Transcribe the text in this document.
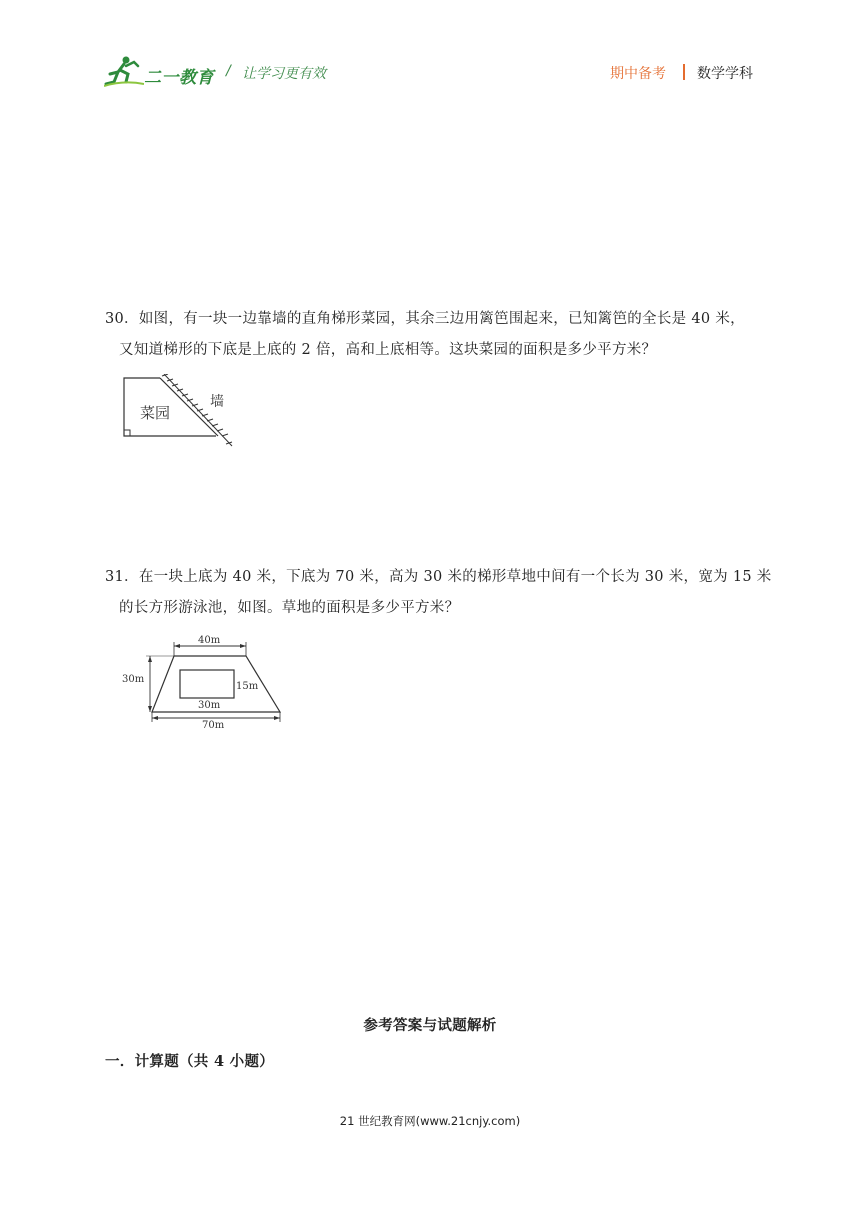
二一教育 / 让学习更有效	期中备考 数学学科
30．如图，有一块一边靠墙的直角梯形菜园，其余三边用篱笆围起来，已知篱笆的全长是 40 米，
又知道梯形的下底是上底的 2 倍，高和上底相等。这块菜园的面积是多少平方米？
菜园
墙
31．在一块上底为 40 米，下底为 70 米，高为 30 米的梯形草地中间有一个长为 30 米，宽为 15 米
的长方形游泳池，如图。草地的面积是多少平方米？
40m
30m
15m
30m
70m
参考答案与试题解析
一．计算题（共 4 小题）
21 世纪教育网(www.21cnjy.com)
